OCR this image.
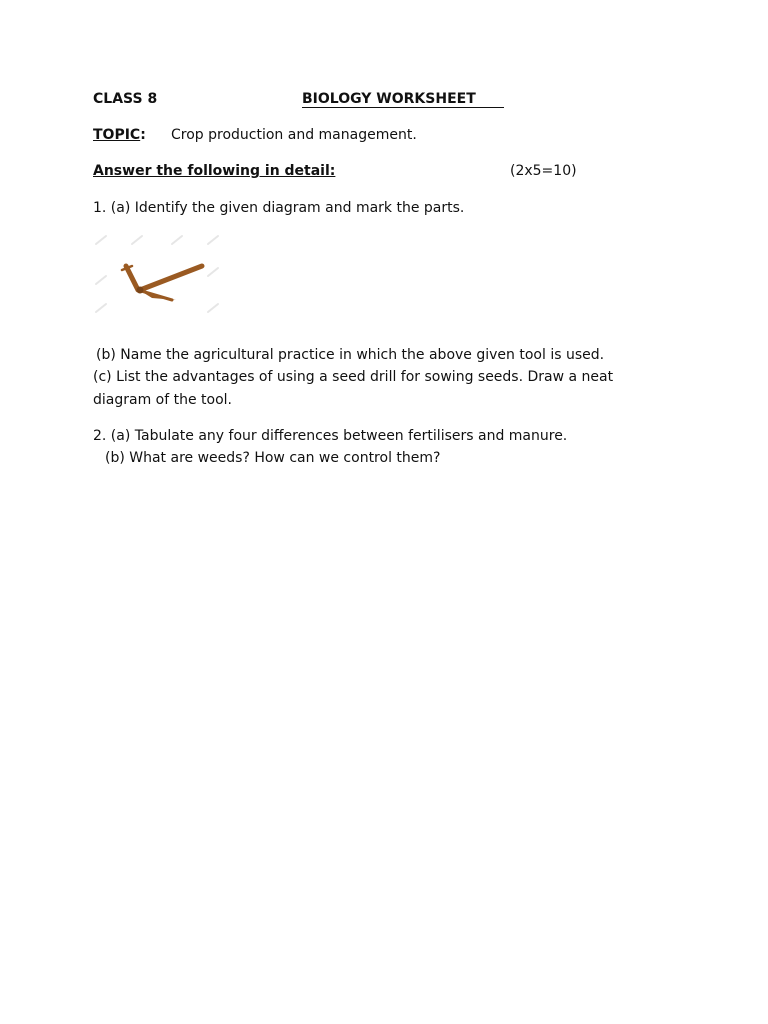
CLASS 8	BIOLOGY WORKSHEET
TOPIC: Crop production and management.
Answer the following in detail:	(2x5=10)
1. (a) Identify the given diagram and mark the parts.
(b) Name the agricultural practice in which the above given tool is used.
(c) List the advantages of using a seed drill for sowing seeds. Draw a neat
diagram of the tool.
2. (a) Tabulate any four differences between fertilisers and manure.
(b) What are weeds? How can we control them?
